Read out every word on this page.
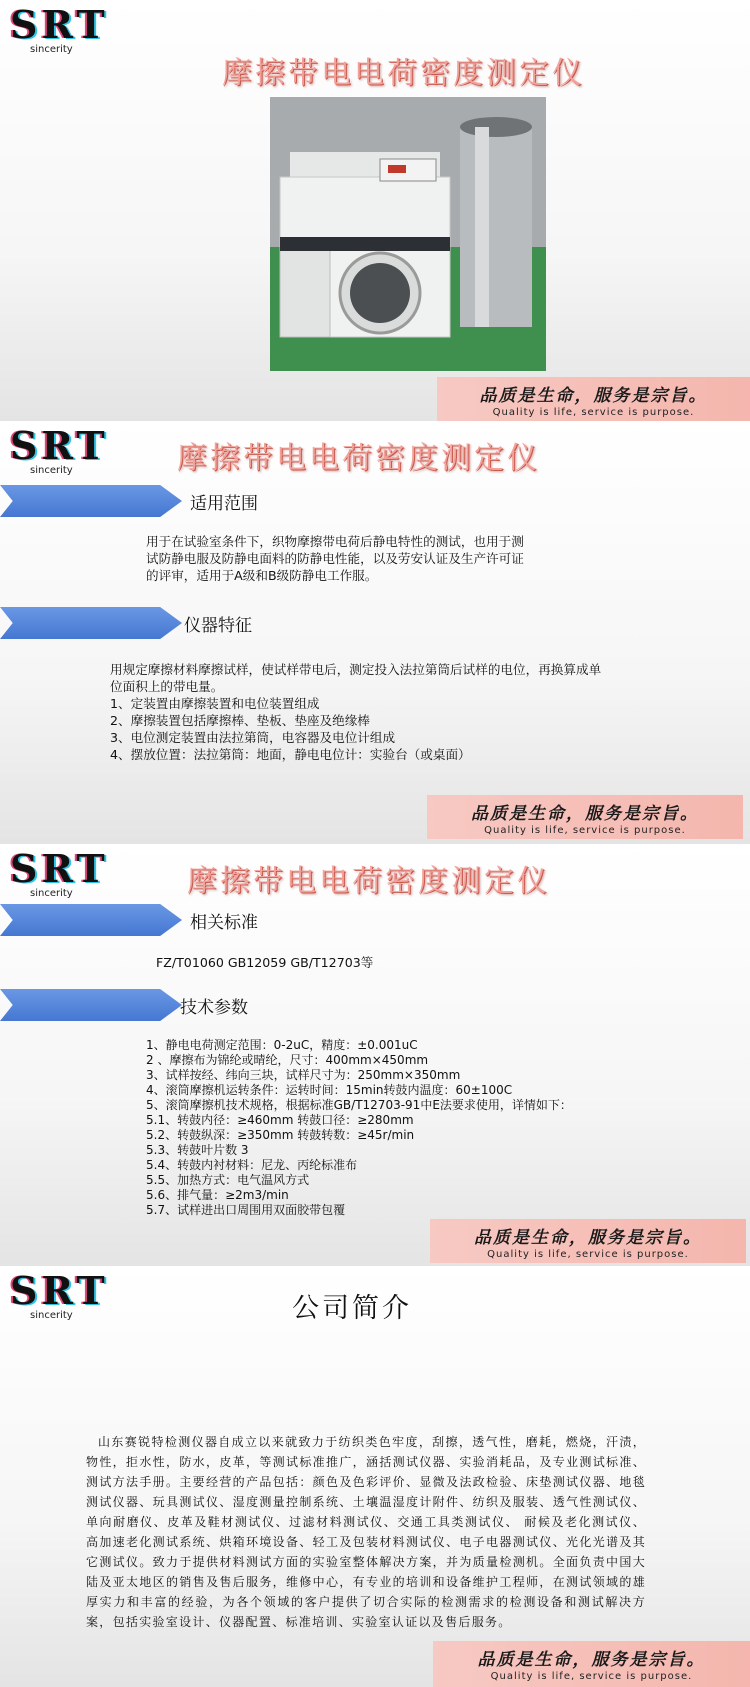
SRT
sincerity
摩擦带电电荷密度测定仪
品质是生命，服务是宗旨。
Quality is life, service is purpose.
SRT
sincerity	摩擦带电电荷密度测定仪
适用范围
用于在试验室条件下，织物摩擦带电荷后静电特性的测试，也用于测
试防静电服及防静电面料的防静电性能，以及劳安认证及生产许可证
的评审，适用于A级和B级防静电工作服。
仪器特征
用规定摩擦材料摩擦试样，使试样带电后，测定投入法拉第筒后试样的电位，再换算成单
位面积上的带电量。
1、定装置由摩擦装置和电位装置组成
2、摩擦装置包括摩擦棒、垫板、垫座及绝缘棒
3、电位测定装置由法拉第筒，电容器及电位计组成
4、摆放位置：法拉第筒：地面，静电电位计：实验台（或桌面）
品质是生命，服务是宗旨。
Quality is life, service is purpose.
SRT
sincerity	摩擦带电电荷密度测定仪
相关标准
FZ/T01060 GB12059 GB/T12703等
技术参数
1、静电电荷测定范围：0-2uC，精度：±0.001uC
2 、摩擦布为锦纶或晴纶，尺寸：400mm×450mm
3、试样按经、纬向三块，试样尺寸为：250mm×350mm
4、滚筒摩擦机运转条件：运转时间：15min转鼓内温度：60±100C
5、滚筒摩擦机技术规格，根据标准GB/T12703-91中E法要求使用，详情如下：
5.1、转鼓内径：≥460mm 转鼓口径：≥280mm
5.2、转鼓纵深：≥350mm 转鼓转数：≥45r/min
5.3、转鼓叶片数 3
5.4、转鼓内衬材料：尼龙、丙纶标准布
5.5、加热方式：电气温风方式
5.6、排气量：≥2m3/min
5.7、试样进出口周围用双面胶带包覆
品质是生命，服务是宗旨。
Quality is life, service is purpose.
SRT
sincerity	公司简介
山东赛锐特检测仪器自成立以来就致力于纺织类色牢度，刮擦，透气性，磨耗，燃烧，汗渍，物性，拒水性，防水，皮革，等测试标准推广，涵括测试仪器、实验消耗品，及专业测试标准、测试方法手册。主要经营的产品包括：颜色及色彩评价、显微及法政检验、床垫测试仪器、地毯测试仪器、玩具测试仪、湿度测量控制系统、土壤温湿度计附件、纺织及服装、透气性测试仪、单向耐磨仪、皮革及鞋材测试仪、过滤材料测试仪、交通工具类测试仪、 耐候及老化测试仪、高加速老化测试系统、烘箱环境设备、轻工及包装材料测试仪、电子电器测试仪、光化光谱及其它测试仪。致力于提供材料测试方面的实验室整体解决方案，并为质量检测机。全面负责中国大陆及亚太地区的销售及售后服务，维修中心，有专业的培训和设备维护工程师，在测试领域的雄厚实力和丰富的经验，为各个领域的客户提供了切合实际的检测需求的检测设备和测试解决方案，包括实验室设计、仪器配置、标准培训、实验室认证以及售后服务。
品质是生命，服务是宗旨。
Quality is life, service is purpose.
